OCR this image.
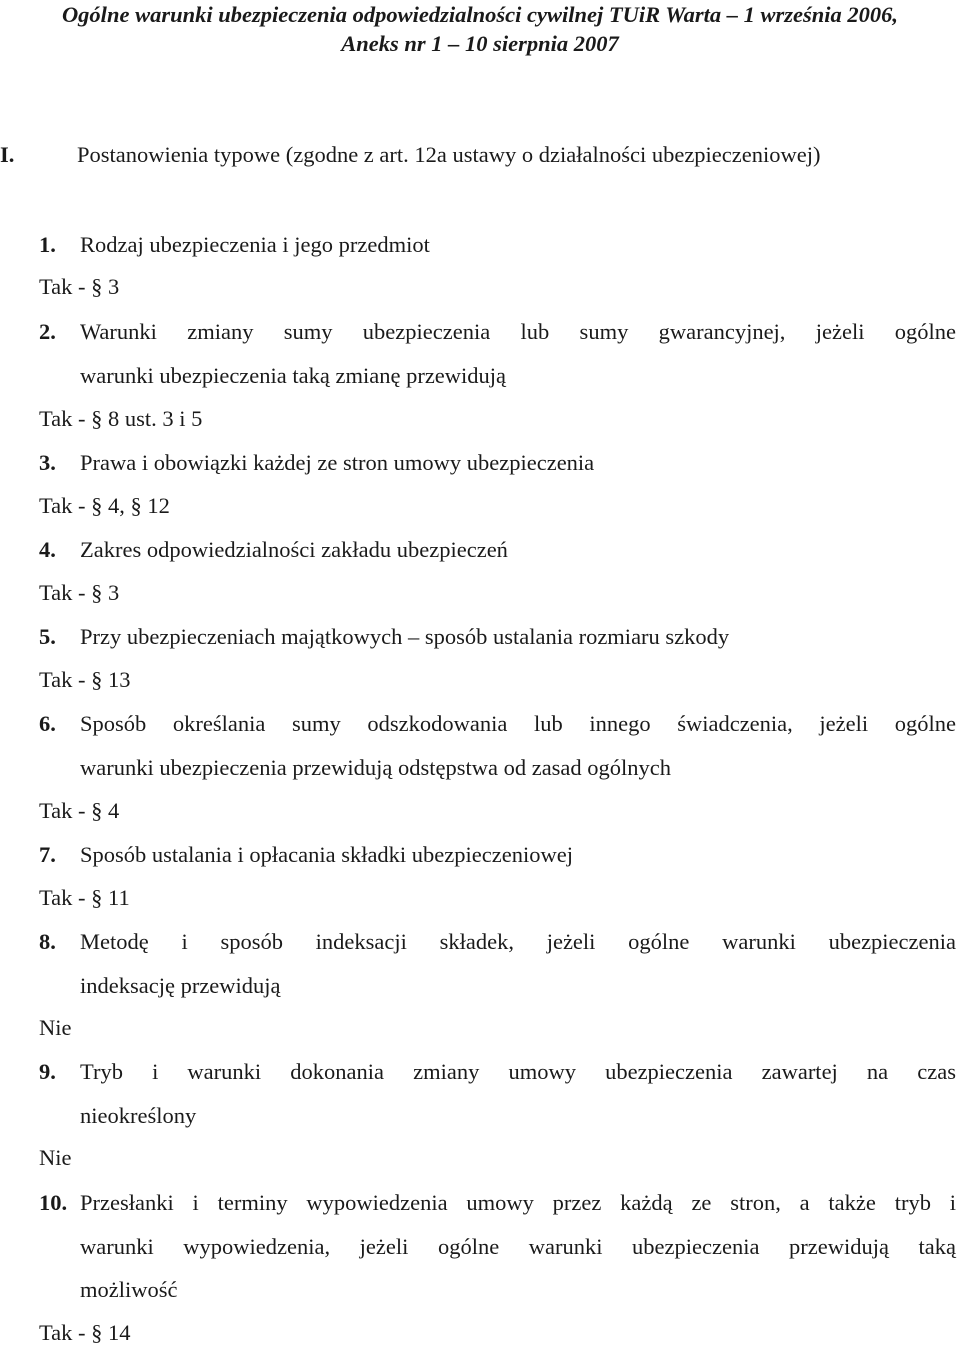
Ogólne warunki ubezpieczenia odpowiedzialności cywilnej TUiR Warta – 1 września 2006,
Aneks nr 1 – 10 sierpnia 2007
I.	Postanowienia typowe (zgodne z art. 12a ustawy o działalności ubezpieczeniowej)
1. Rodzaj ubezpieczenia i jego przedmiot
Tak - § 3
2. Warunki zmiany sumy ubezpieczenia lub sumy gwarancyjnej, jeżeli ogólne
warunki ubezpieczenia taką zmianę przewidują
Tak - § 8 ust. 3 i 5
3. Prawa i obowiązki każdej ze stron umowy ubezpieczenia
Tak - § 4, § 12
4. Zakres odpowiedzialności zakładu ubezpieczeń
Tak - § 3
5. Przy ubezpieczeniach majątkowych – sposób ustalania rozmiaru szkody
Tak - § 13
6. Sposób określania sumy odszkodowania lub innego świadczenia, jeżeli ogólne
warunki ubezpieczenia przewidują odstępstwa od zasad ogólnych
Tak - § 4
7. Sposób ustalania i opłacania składki ubezpieczeniowej
Tak - § 11
8. Metodę i sposób indeksacji składek, jeżeli ogólne warunki ubezpieczenia
indeksację przewidują
Nie
9. Tryb i warunki dokonania zmiany umowy ubezpieczenia zawartej na czas
nieokreślony
Nie
10. Przesłanki i terminy wypowiedzenia umowy przez każdą ze stron, a także tryb i
warunki wypowiedzenia, jeżeli ogólne warunki ubezpieczenia przewidują taką
możliwość
Tak - § 14
